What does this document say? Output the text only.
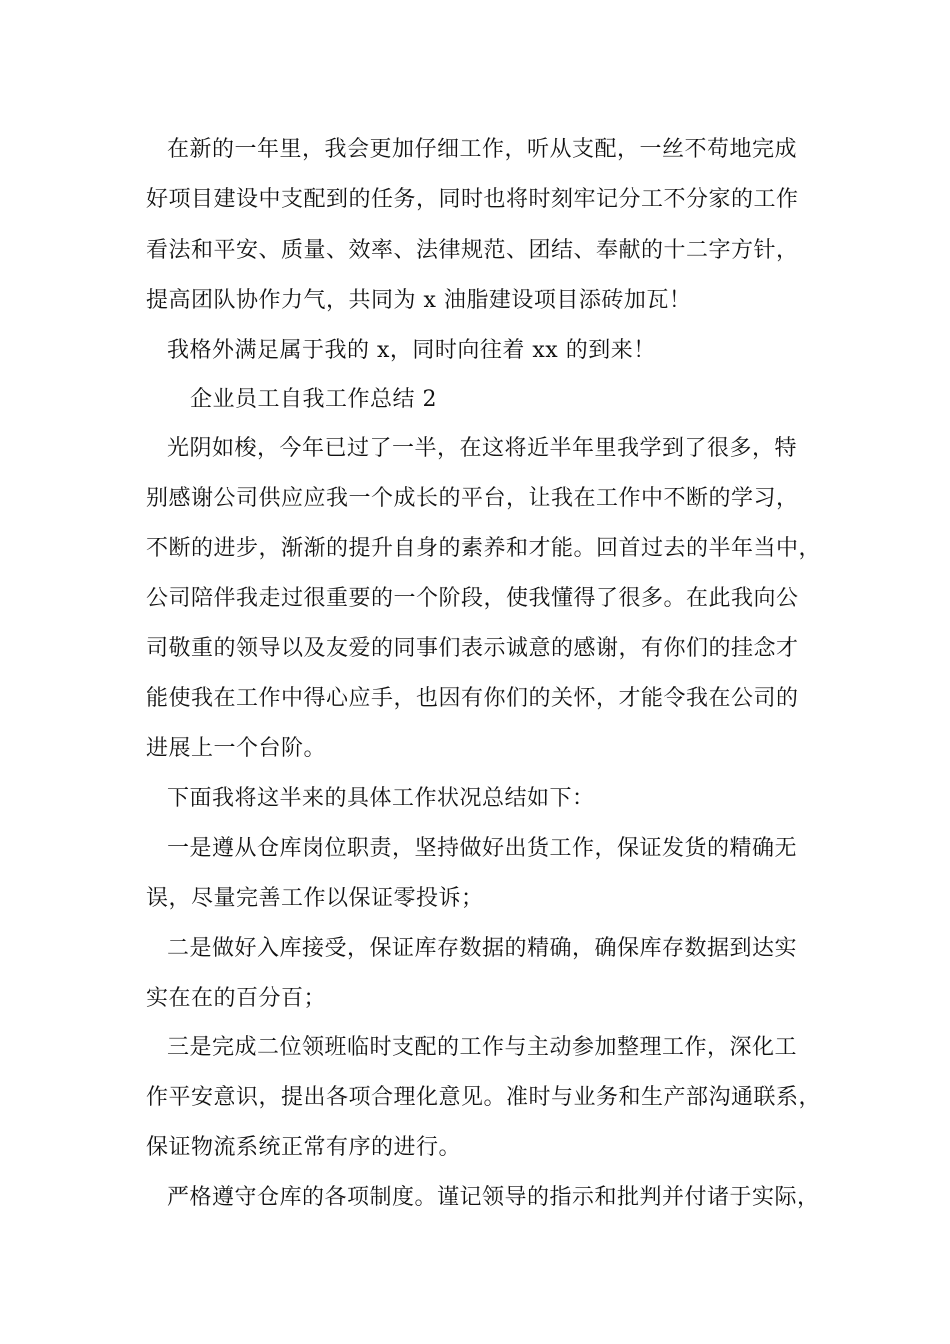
在新的一年里，我会更加仔细工作，听从支配，一丝不苟地完成
好项目建设中支配到的任务，同时也将时刻牢记分工不分家的工作
看法和平安、质量、效率、法律规范、团结、奉献的十二字方针，
提高团队协作力气，共同为 x 油脂建设项目添砖加瓦！
我格外满足属于我的 x，同时向往着 xx 的到来！
企业员工自我工作总结 2
光阴如梭，今年已过了一半，在这将近半年里我学到了很多，特
别感谢公司供应应我一个成长的平台，让我在工作中不断的学习，
不断的进步，渐渐的提升自身的素养和才能。回首过去的半年当中，
公司陪伴我走过很重要的一个阶段，使我懂得了很多。在此我向公
司敬重的领导以及友爱的同事们表示诚意的感谢，有你们的挂念才
能使我在工作中得心应手，也因有你们的关怀，才能令我在公司的
进展上一个台阶。
下面我将这半来的具体工作状况总结如下：
一是遵从仓库岗位职责，坚持做好出货工作，保证发货的精确无
误，尽量完善工作以保证零投诉；
二是做好入库接受，保证库存数据的精确，确保库存数据到达实
实在在的百分百；
三是完成二位领班临时支配的工作与主动参加整理工作，深化工
作平安意识，提出各项合理化意见。准时与业务和生产部沟通联系，
保证物流系统正常有序的进行。
严格遵守仓库的各项制度。谨记领导的指示和批判并付诸于实际，
